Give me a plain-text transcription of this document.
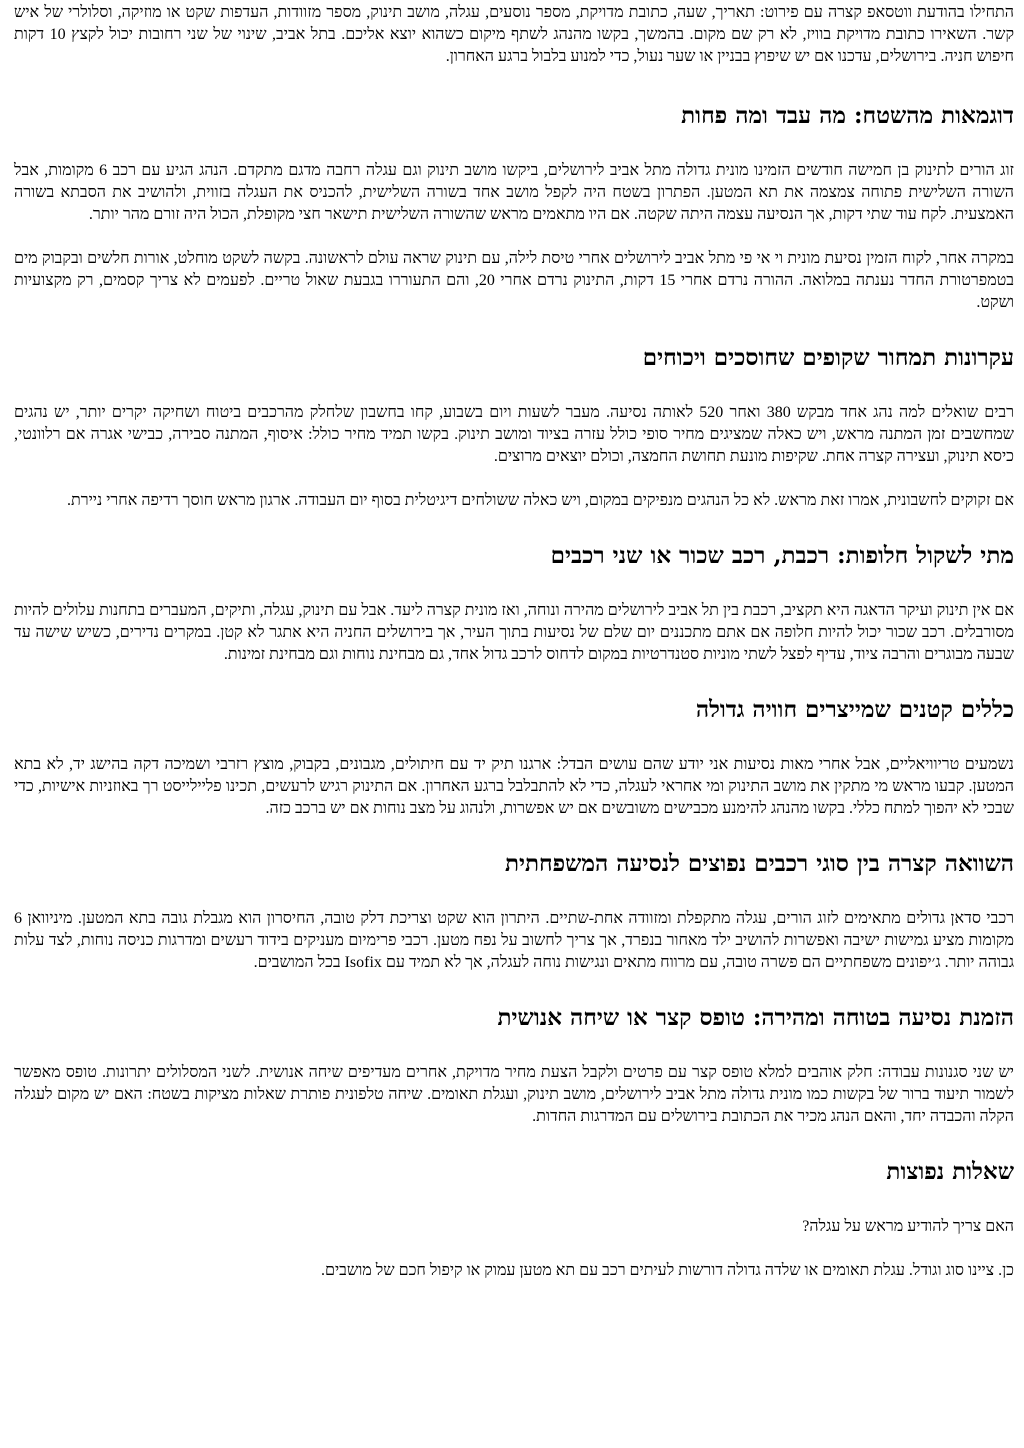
התחילו בהודעת ווטסאפ קצרה עם פירוט: תאריך, שעה, כתובת מדויקת, מספר נוסעים, עגלה, מושב תינוק, מספר מזוודות, העדפות שקט או מוזיקה, וסלולרי של איש קשר. השאירו כתובת מדויקת בוויז, לא רק שם מקום. בהמשך, בקשו מהנהג לשתף מיקום כשהוא יוצא אליכם. בתל אביב, שינוי של שני רחובות יכול לקצץ 10 דקות חיפוש חניה. בירושלים, עדכנו אם יש שיפוץ בבניין או שער נעול, כדי למנוע בלבול ברגע האחרון.

דוגמאות מהשטח: מה עבד ומה פחות

זוג הורים לתינוק בן חמישה חודשים הזמינו מונית גדולה מתל אביב לירושלים, ביקשו מושב תינוק וגם עגלה רחבה מדגם מתקדם. הנהג הגיע עם רכב 6 מקומות, אבל השורה השלישית פתוחה צמצמה את תא המטען. הפתרון בשטח היה לקפל מושב אחד בשורה השלישית, להכניס את העגלה בזווית, ולהושיב את הסבתא בשורה האמצעית. לקח עוד שתי דקות, אך הנסיעה עצמה היתה שקטה. אם היו מתאמים מראש שהשורה השלישית תישאר חצי מקופלת, הכול היה זורם מהר יותר.

במקרה אחר, לקוח הזמין נסיעת מונית וי אי פי מתל אביב לירושלים אחרי טיסת לילה, עם תינוק שראה עולם לראשונה. בקשה לשקט מוחלט, אורות חלשים ובקבוק מים בטמפרטורת החדר נענתה במלואה. ההורה נרדם אחרי 15 דקות, התינוק נרדם אחרי 20, והם התעוררו בגבעת שאול טריים. לפעמים לא צריך קסמים, רק מקצועיות ושקט.

עקרונות תמחור שקופים שחוסכים ויכוחים

רבים שואלים למה נהג אחד מבקש 380 ואחר 520 לאותה נסיעה. מעבר לשעות ויום בשבוע, קחו בחשבון שלחלק מהרכבים ביטוח ושחיקה יקרים יותר, יש נהגים שמחשבים זמן המתנה מראש, ויש כאלה שמציגים מחיר סופי כולל עזרה בציוד ומושב תינוק. בקשו תמיד מחיר כולל: איסוף, המתנה סבירה, כבישי אגרה אם רלוונטי, כיסא תינוק, ועצירה קצרה אחת. שקיפות מונעת תחושת החמצה, וכולם יוצאים מרוצים.

אם זקוקים לחשבונית, אמרו זאת מראש. לא כל הנהגים מנפיקים במקום, ויש כאלה ששולחים דיגיטלית בסוף יום העבודה. ארגון מראש חוסך רדיפה אחרי ניירת.

מתי לשקול חלופות: רכבת, רכב שכור או שני רכבים

אם אין תינוק ועיקר הדאגה היא תקציב, רכבת בין תל אביב לירושלים מהירה ונוחה, ואז מונית קצרה ליעד. אבל עם תינוק, עגלה, ותיקים, המעברים בתחנות עלולים להיות מסורבלים. רכב שכור יכול להיות חלופה אם אתם מתכננים יום שלם של נסיעות בתוך העיר, אך בירושלים החניה היא אתגר לא קטן. במקרים נדירים, כשיש שישה עד שבעה מבוגרים והרבה ציוד, עדיף לפצל לשתי מוניות סטנדרטיות במקום לדחוס לרכב גדול אחד, גם מבחינת נוחות וגם מבחינת זמינות.

כללים קטנים שמייצרים חוויה גדולה

נשמעים טריוויאליים, אבל אחרי מאות נסיעות אני יודע שהם עושים הבדל: ארגנו תיק יד עם חיתולים, מגבונים, בקבוק, מוצץ רזרבי ושמיכה דקה בהישג יד, לא בתא המטען. קבעו מראש מי מתקין את מושב התינוק ומי אחראי לעגלה, כדי לא להתבלבל ברגע האחרון. אם התינוק רגיש לרעשים, תכינו פליילייסט רך באוזניות אישיות, כדי שבכי לא יהפוך למתח כללי. בקשו מהנהג להימנע מכבישים משובשים אם יש אפשרות, ולנהוג על מצב נוחות אם יש ברכב כזה.

השוואה קצרה בין סוגי רכבים נפוצים לנסיעה המשפחתית

רכבי סדאן גדולים מתאימים לזוג הורים, עגלה מתקפלת ומזוודה אחת-שתיים. היתרון הוא שקט וצריכת דלק טובה, החיסרון הוא מגבלת גובה בתא המטען. מיניוואן 6 מקומות מציע גמישות ישיבה ואפשרות להושיב ילד מאחור בנפרד, אך צריך לחשוב על נפח מטען. רכבי פרימיום מעניקים בידוד רעשים ומדרגות כניסה נוחות, לצד עלות גבוהה יותר. ג׳יפונים משפחתיים הם פשרה טובה, עם מרווח מתאים ונגישות נוחה לעגלה, אך לא תמיד עם Isofix בכל המושבים.

הזמנת נסיעה בטוחה ומהירה: טופס קצר או שיחה אנושית

יש שני סגנונות עבודה: חלק אוהבים למלא טופס קצר עם פרטים ולקבל הצעת מחיר מדויקת, אחרים מעדיפים שיחה אנושית. לשני המסלולים יתרונות. טופס מאפשר לשמור תיעוד ברור של בקשות כמו מונית גדולה מתל אביב לירושלים, מושב תינוק, ועגלת תאומים. שיחה טלפונית פותרת שאלות מציקות בשטח: האם יש מקום לעגלה הקלה והכבדה יחד, והאם הנהג מכיר את הכתובת בירושלים עם המדרגות החדות.

שאלות נפוצות

האם צריך להודיע מראש על עגלה?

כן. ציינו סוג וגודל. עגלת תאומים או שלדה גדולה דורשות לעיתים רכב עם תא מטען עמוק או קיפול חכם של מושבים.
